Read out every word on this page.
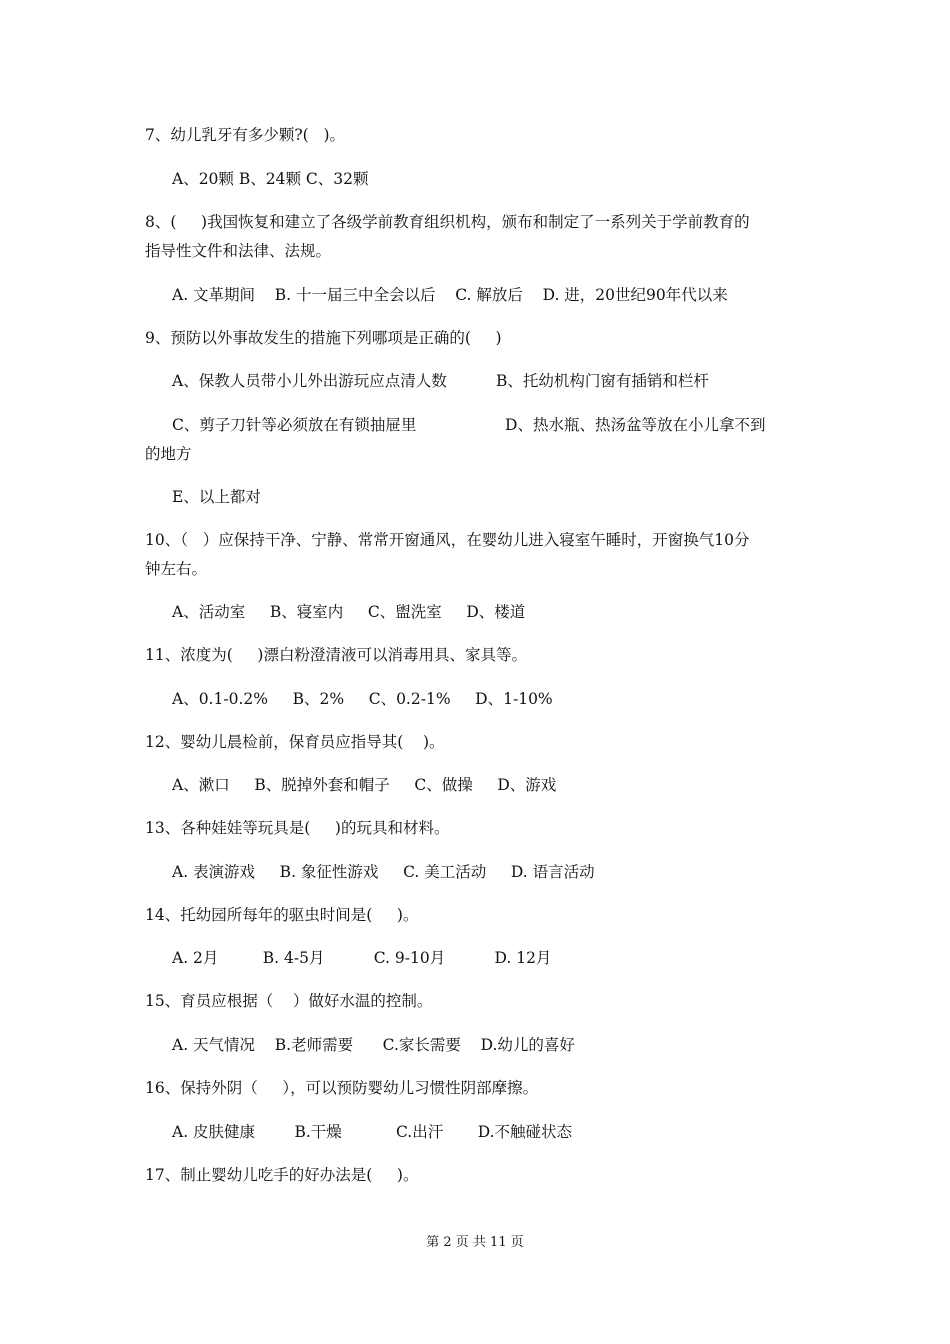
7、幼儿乳牙有多少颗?(   )。
A、20颗 B、24颗 C、32颗
8、(     )我国恢复和建立了各级学前教育组织机构，颁布和制定了一系列关于学前教育的
指导性文件和法律、法规。
A. 文革期间    B. 十一届三中全会以后    C. 解放后    D. 进，20世纪90年代以来
9、预防以外事故发生的措施下列哪项是正确的(     )
A、保教人员带小儿外出游玩应点清人数          B、托幼机构门窗有插销和栏杆
C、剪子刀针等必须放在有锁抽屉里                  D、热水瓶、热汤盆等放在小儿拿不到
的地方
E、以上都对
10、（   ）应保持干净、宁静、常常开窗通风，在婴幼儿进入寝室午睡时，开窗换气10分
钟左右。
A、活动室     B、寝室内     C、盥洗室     D、楼道
11、浓度为(     )漂白粉澄清液可以消毒用具、家具等。
A、0.1-0.2%     B、2%     C、0.2-1%     D、1-10%
12、婴幼儿晨检前，保育员应指导其(    )。
A、漱口     B、脱掉外套和帽子     C、做操     D、游戏
13、各种娃娃等玩具是(     )的玩具和材料。
A. 表演游戏     B. 象征性游戏     C. 美工活动     D. 语言活动
14、托幼园所每年的驱虫时间是(     )。
A. 2月         B. 4-5月          C. 9-10月          D. 12月
15、育员应根据（    ）做好水温的控制。
A. 天气情况    B.老师需要      C.家长需要    D.幼儿的喜好
16、保持外阴（     ），可以预防婴幼儿习惯性阴部摩擦。
A. 皮肤健康        B.干燥           C.出汗       D.不触碰状态
17、制止婴幼儿吃手的好办法是(     )。
第 2 页 共 11 页
